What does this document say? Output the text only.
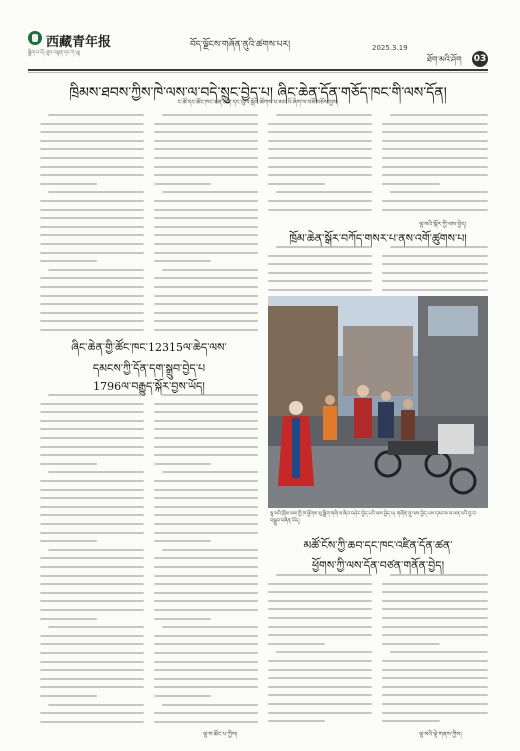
西藏青年报	བོད་ལྗོངས་གཞོན་ནུའི་ཚགས་པར།
སྒྲིག་པ་པོ། ཐུབ་བསྟན་དང་ཀ་ཡུ།
2025.3.19
ཐོག་མའི་ཤོག 03
ཁྲིམས་ཐབས་ཀྱིས་ཁེ་ལས་ལ་བདེ་སྲུང་བྱེད་པ། ཞིང་ཆེན་དོན་གཅོད་ཁང་གི་ལས་དོན།
ང་ཚོ་དང་ཚོང་ཁང་ཅན་ཆེན་དང་ཡུལ་སྒོའི་ཚོགས་པ་མང་པོ་ཞིག་ལ་བཟོ་བཅོས་བྱས།
ལྷ་སའི་སྐོར་ཀྱི་ལས་བྱེད།
ཞིང་ཆེན་གྱི་ཚོང་ཁང་12315ལ་ཆེད་ལས་
དམངས་ཀྱི་དོན་དག་སྒྲུབ་བྱེད་པ
1796ལ་བརྒྱུད་སྐོར་བྱས་ཡོད།
ལྷ་ས་ཚོང་པ་ཀྱིས།
ཁྲོམ་ཆེན་སྒོར་བཀོད་གསར་པ་ནས་འགོ་ཚུགས་པ།
ལྷ་སའི་ཁྲོམ་ལམ་གྱི་ཁ་ཕྱོགས་སུ་སྒྲིག་གཞི་ལ་ཞིབ་བཤེར་བྱེད་པའི་ལས་བྱེད་པ། གཞོན་ནུ་ལས་བྱེད་པས་དམངས་ལ་ཕན་པའི་བྱ་བ་བསྒྲུབ་བཞིན་ཡོད།
མཚོ་ངོས་ཀྱི་ཆབ་དང་ཁང་འཛིན་དོན་ཚན་
ཕྱོགས་ཀྱི་ལས་དོན་བཙན་གནོན་བྱེད།
ལྷ་སའི་ལྟེ་གནས་ཀྱིས།
